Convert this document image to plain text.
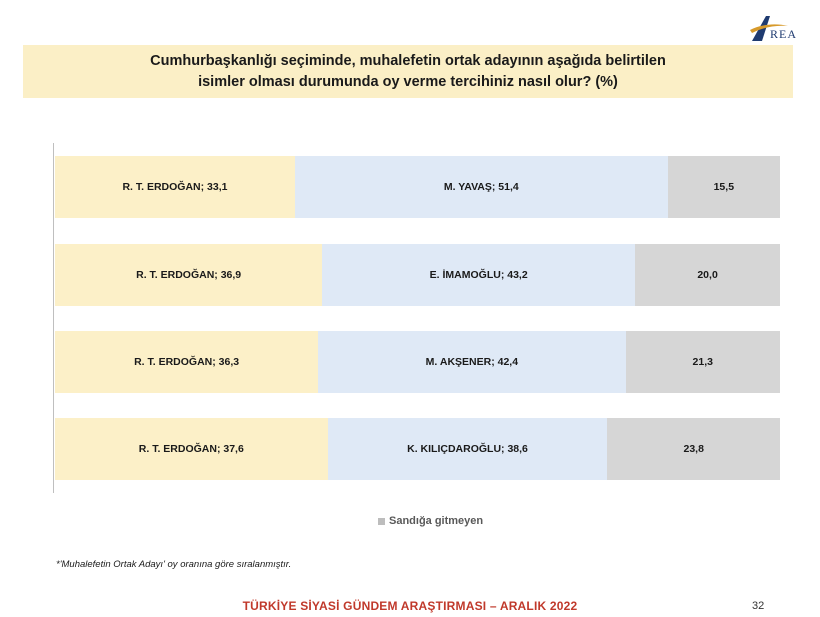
REA
Cumhurbaşkanlığı seçiminde, muhalefetin ortak adayının aşağıda belirtilen
isimler olması durumunda oy verme tercihiniz nasıl olur? (%)
R. T. ERDOĞAN; 33,1	M. YAVAŞ; 51,4	15,5
R. T. ERDOĞAN; 36,9	E. İMAMOĞLU; 43,2	20,0
R. T. ERDOĞAN; 36,3	M. AKŞENER; 42,4	21,3
R. T. ERDOĞAN; 37,6	K. KILIÇDAROĞLU; 38,6	23,8
Sandığa gitmeyen
*'Muhalefetin Ortak Adayı' oy oranına göre sıralanmıştır.
TÜRKİYE SİYASİ GÜNDEM ARAŞTIRMASI – ARALIK 2022	32
